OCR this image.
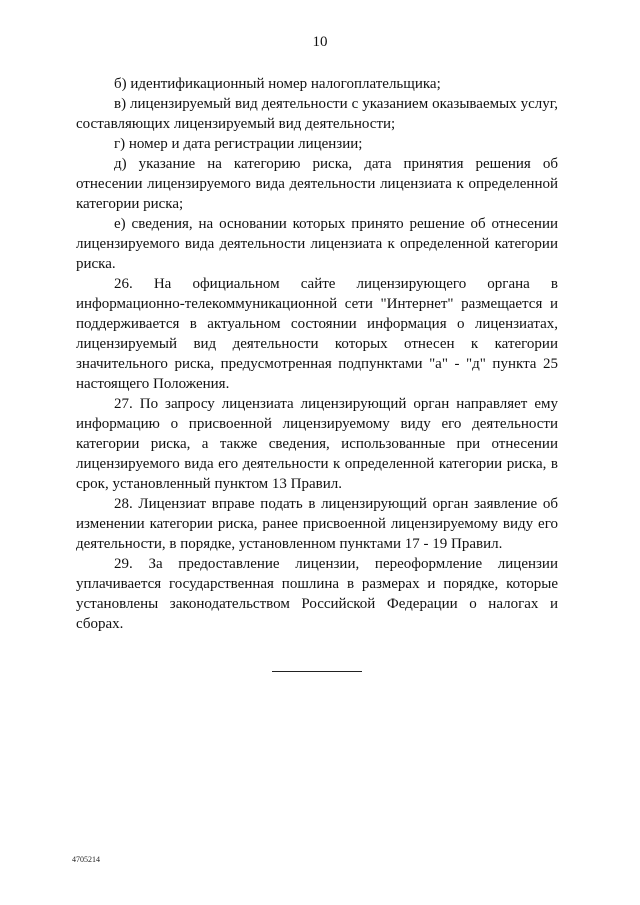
10

б) идентификационный номер налогоплательщика;

в) лицензируемый вид деятельности с указанием оказываемых услуг, составляющих лицензируемый вид деятельности;

г) номер и дата регистрации лицензии;

д) указание на категорию риска, дата принятия решения об отнесении лицензируемого вида деятельности лицензиата к определенной категории риска;

е) сведения, на основании которых принято решение об отнесении лицензируемого вида деятельности лицензиата к определенной категории риска.

26. На официальном сайте лицензирующего органа в информационно-телекоммуникационной сети "Интернет" размещается и поддерживается в актуальном состоянии информация о лицензиатах, лицензируемый вид деятельности которых отнесен к категории значительного риска, предусмотренная подпунктами "а" - "д" пункта 25 настоящего Положения.

27. По запросу лицензиата лицензирующий орган направляет ему информацию о присвоенной лицензируемому виду его деятельности категории риска, а также сведения, использованные при отнесении лицензируемого вида его деятельности к определенной категории риска, в срок, установленный пунктом 13 Правил.

28. Лицензиат вправе подать в лицензирующий орган заявление об изменении категории риска, ранее присвоенной лицензируемому виду его деятельности, в порядке, установленном пунктами 17 - 19 Правил.

29. За предоставление лицензии, переоформление лицензии уплачивается государственная пошлина в размерах и порядке, которые установлены законодательством Российской Федерации о налогах и сборах.

4705214
